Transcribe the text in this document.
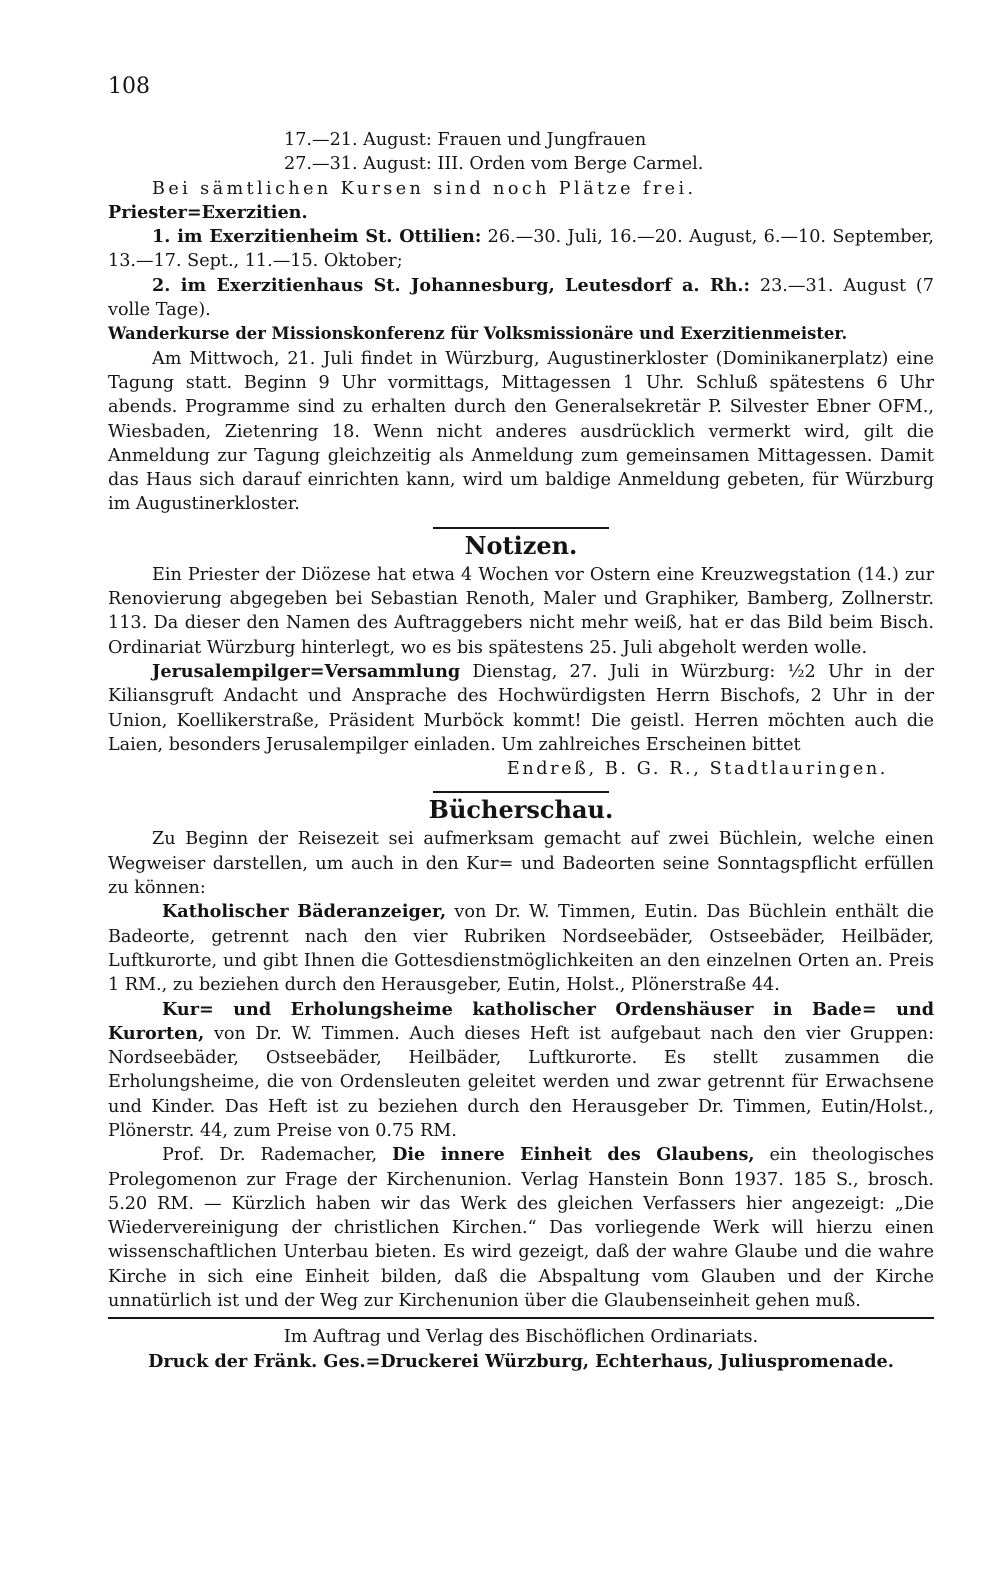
108

17.—21. August: Frauen und Jungfrauen

27.—31. August: III. Orden vom Berge Carmel.

Bei sämtlichen Kursen sind noch Plätze frei.

Priester=Exerzitien.

1. im Exerzitienheim St. Ottilien: 26.—30. Juli, 16.—20. August, 6.—10. September, 13.—17. Sept., 11.—15. Oktober;

2. im Exerzitienhaus St. Johannesburg, Leutesdorf a. Rh.: 23.—31. August (7 volle Tage).

Wanderkurse der Missionskonferenz für Volksmissionäre und Exerzitienmeister.

Am Mittwoch, 21. Juli findet in Würzburg, Augustinerkloster (Dominikanerplatz) eine Tagung statt. Beginn 9 Uhr vormittags, Mittagessen 1 Uhr. Schluß spätestens 6 Uhr abends. Programme sind zu erhalten durch den Generalsekretär P. Silvester Ebner OFM., Wiesbaden, Zietenring 18. Wenn nicht anderes ausdrücklich vermerkt wird, gilt die Anmeldung zur Tagung gleichzeitig als Anmeldung zum gemeinsamen Mittagessen. Damit das Haus sich darauf einrichten kann, wird um baldige Anmeldung gebeten, für Würzburg im Augustinerkloster.

Notizen.

Ein Priester der Diözese hat etwa 4 Wochen vor Ostern eine Kreuzwegstation (14.) zur Renovierung abgegeben bei Sebastian Renoth, Maler und Graphiker, Bamberg, Zollnerstr. 113. Da dieser den Namen des Auftraggebers nicht mehr weiß, hat er das Bild beim Bisch. Ordinariat Würzburg hinterlegt, wo es bis spätestens 25. Juli abgeholt werden wolle.

Jerusalempilger=Versammlung Dienstag, 27. Juli in Würzburg: ½2 Uhr in der Kiliansgruft Andacht und Ansprache des Hochwürdigsten Herrn Bischofs, 2 Uhr in der Union, Koellikerstraße, Präsident Murböck kommt! Die geistl. Herren möchten auch die Laien, besonders Jerusalempilger einladen. Um zahlreiches Erscheinen bittet

Endreß, B. G. R., Stadtlauringen.

Bücherschau.

Zu Beginn der Reisezeit sei aufmerksam gemacht auf zwei Büchlein, welche einen Wegweiser darstellen, um auch in den Kur= und Badeorten seine Sonntagspflicht erfüllen zu können:

Katholischer Bäderanzeiger, von Dr. W. Timmen, Eutin. Das Büchlein enthält die Badeorte, getrennt nach den vier Rubriken Nordseebäder, Ostseebäder, Heilbäder, Luftkurorte, und gibt Ihnen die Gottesdienstmöglichkeiten an den einzelnen Orten an. Preis 1 RM., zu beziehen durch den Herausgeber, Eutin, Holst., Plönerstraße 44.

Kur= und Erholungsheime katholischer Ordenshäuser in Bade= und Kurorten, von Dr. W. Timmen. Auch dieses Heft ist aufgebaut nach den vier Gruppen: Nordseebäder, Ostseebäder, Heilbäder, Luftkurorte. Es stellt zusammen die Erholungsheime, die von Ordensleuten geleitet werden und zwar getrennt für Erwachsene und Kinder. Das Heft ist zu beziehen durch den Herausgeber Dr. Timmen, Eutin/Holst., Plönerstr. 44, zum Preise von 0.75 RM.

Prof. Dr. Rademacher, Die innere Einheit des Glaubens, ein theologisches Prolegomenon zur Frage der Kirchenunion. Verlag Hanstein Bonn 1937. 185 S., brosch. 5.20 RM. — Kürzlich haben wir das Werk des gleichen Verfassers hier angezeigt: „Die Wiedervereinigung der christlichen Kirchen.“ Das vorliegende Werk will hierzu einen wissenschaftlichen Unterbau bieten. Es wird gezeigt, daß der wahre Glaube und die wahre Kirche in sich eine Einheit bilden, daß die Abspaltung vom Glauben und der Kirche unnatürlich ist und der Weg zur Kirchenunion über die Glaubenseinheit gehen muß.

Im Auftrag und Verlag des Bischöflichen Ordinariats.

Druck der Fränk. Ges.=Druckerei Würzburg, Echterhaus, Juliuspromenade.
